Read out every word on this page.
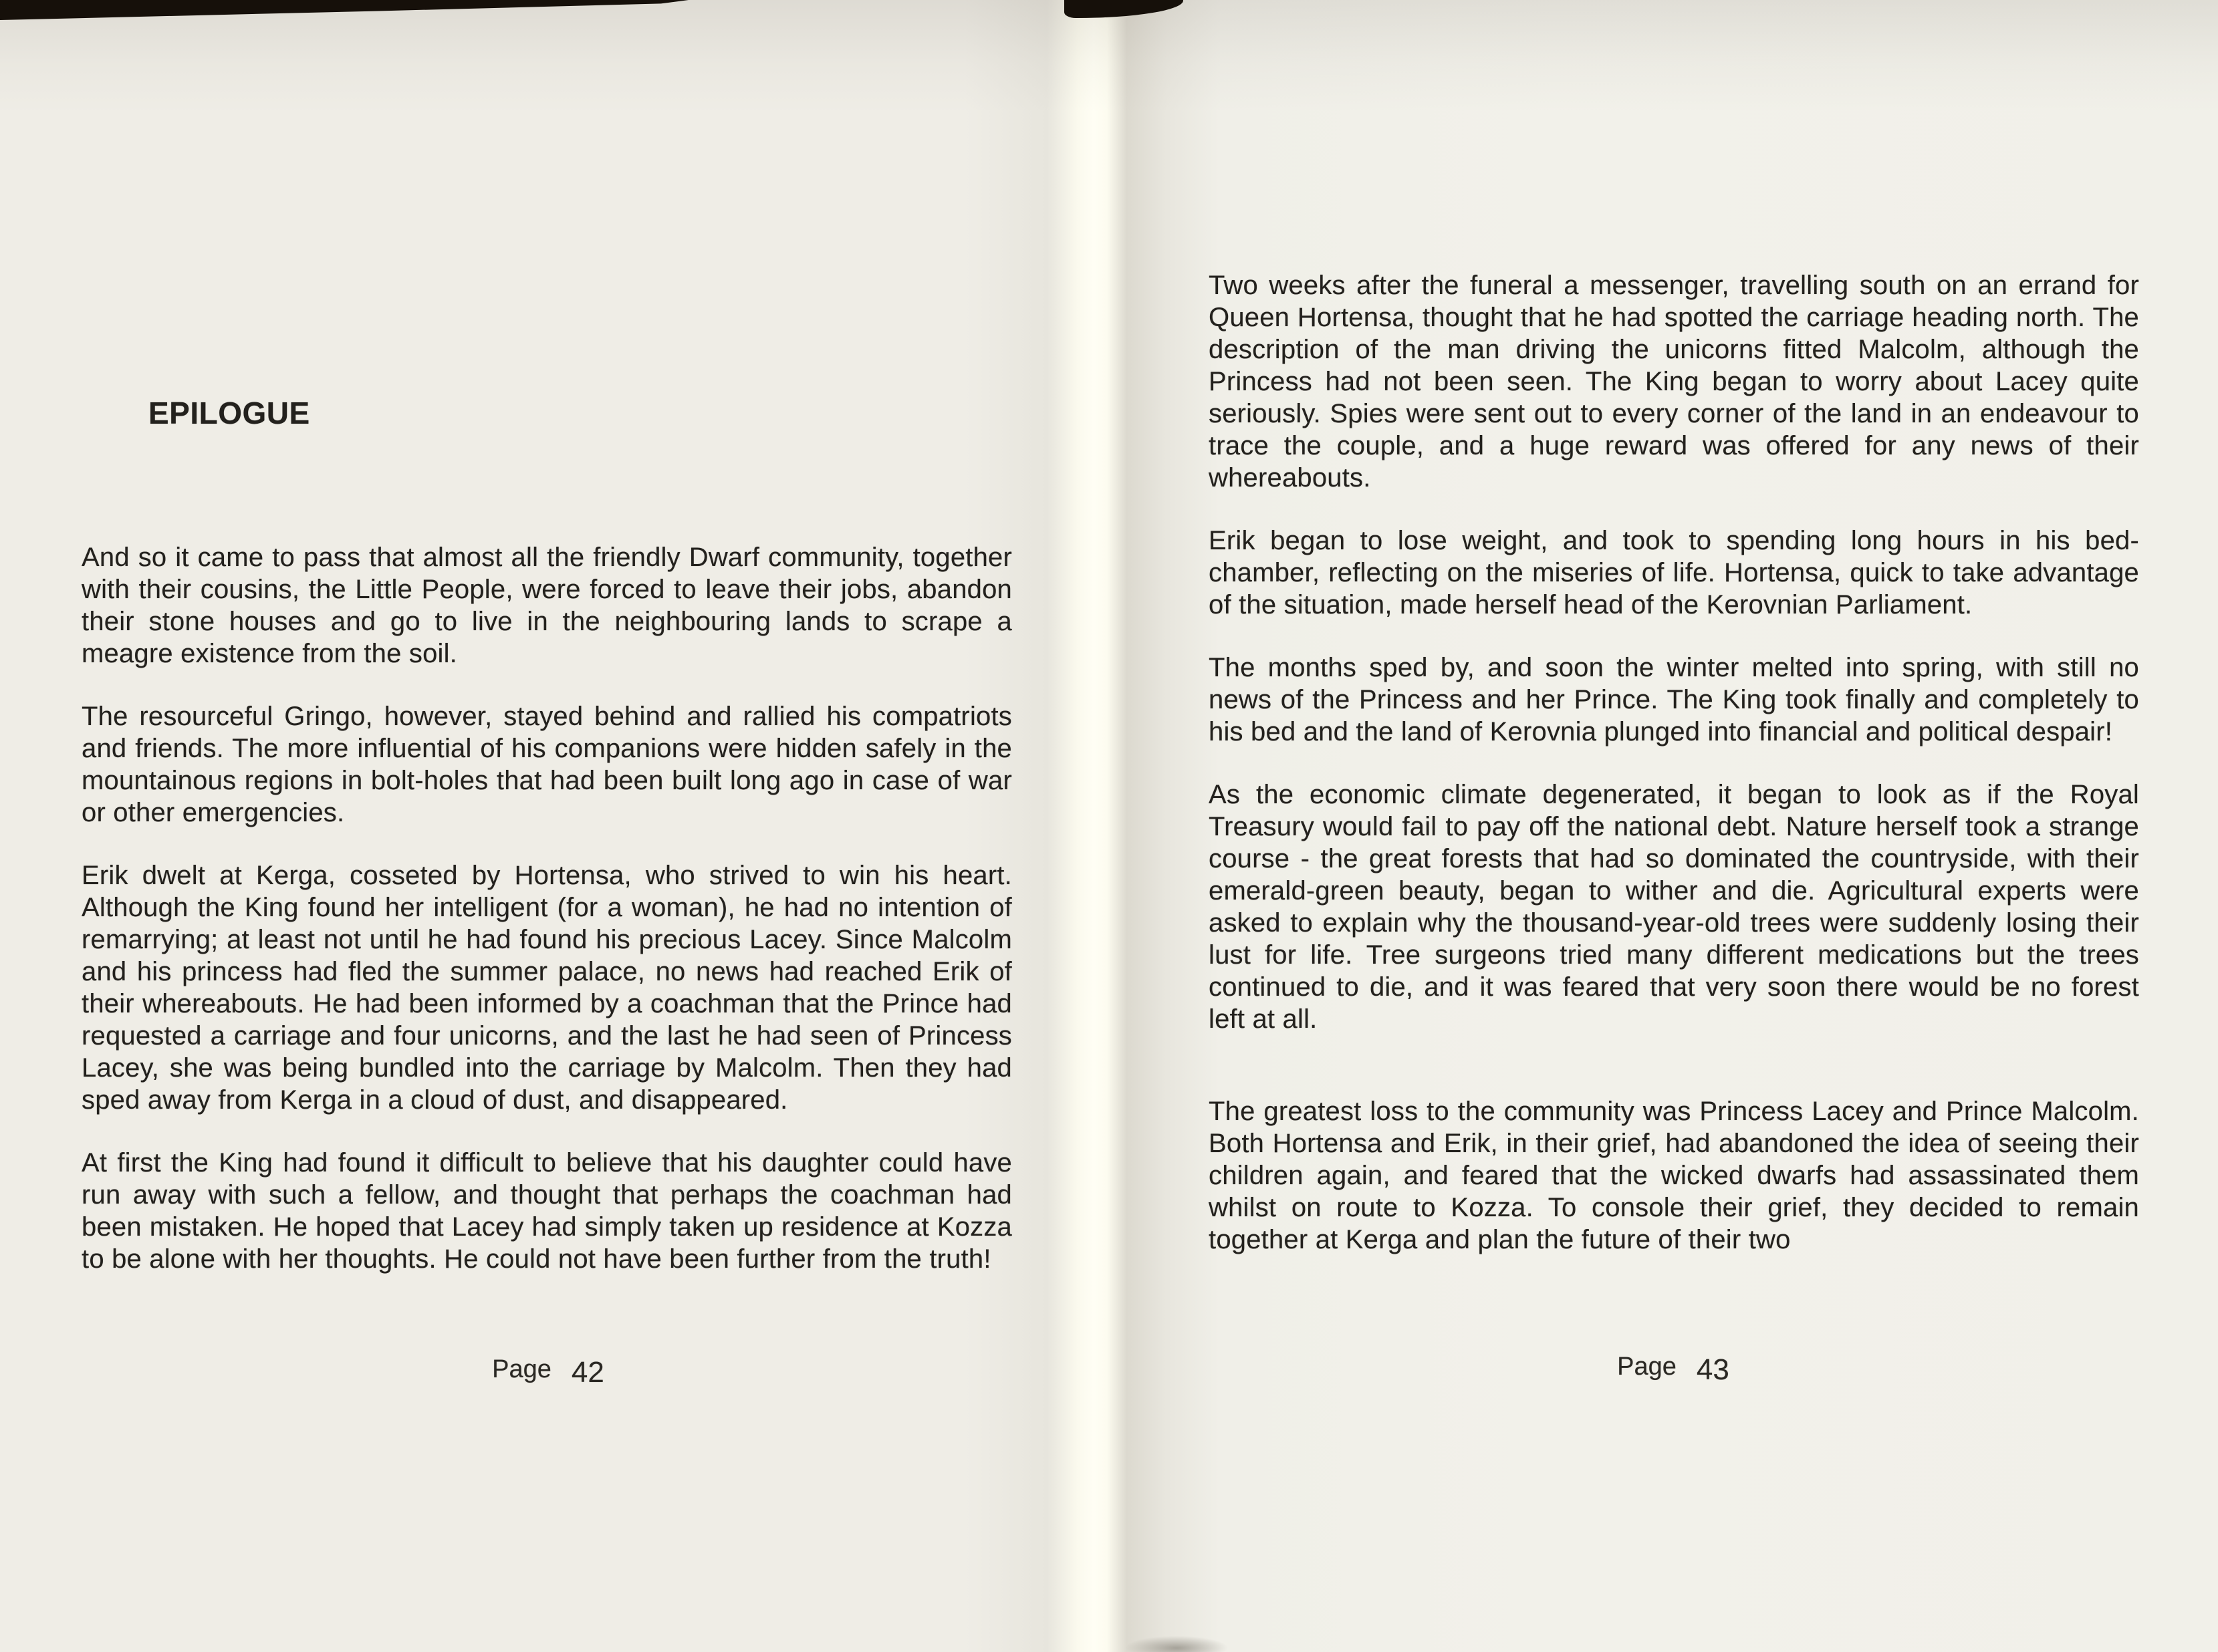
EPILOGUE

And so it came to pass that almost all the friendly Dwarf community, together with their cousins, the Little People, were forced to leave their jobs, abandon their stone houses and go to live in the neighbouring lands to scrape a meagre existence from the soil.

The resourceful Gringo, however, stayed behind and rallied his compatriots and friends. The more influential of his companions were hidden safely in the mountainous regions in bolt-holes that had been built long ago in case of war or other emergencies.

Erik dwelt at Kerga, cosseted by Hortensa, who strived to win his heart. Although the King found her intelligent (for a woman), he had no intention of remarrying; at least not until he had found his precious Lacey. Since Malcolm and his princess had fled the summer palace, no news had reached Erik of their whereabouts. He had been informed by a coachman that the Prince had requested a carriage and four unicorns, and the last he had seen of Princess Lacey, she was being bundled into the carriage by Malcolm. Then they had sped away from Kerga in a cloud of dust, and disappeared.

At first the King had found it difficult to believe that his daughter could have run away with such a fellow, and thought that perhaps the coachman had been mistaken. He hoped that Lacey had simply taken up residence at Kozza to be alone with her thoughts. He could not have been further from the truth!

Page 42

Two weeks after the funeral a messenger, travelling south on an errand for Queen Hortensa, thought that he had spotted the carriage heading north. The description of the man driving the unicorns fitted Malcolm, although the Princess had not been seen. The King began to worry about Lacey quite seriously. Spies were sent out to every corner of the land in an endeavour to trace the couple, and a huge reward was offered for any news of their whereabouts.

Erik began to lose weight, and took to spending long hours in his bed-chamber, reflecting on the miseries of life. Hortensa, quick to take advantage of the situation, made herself head of the Kerovnian Parliament.

The months sped by, and soon the winter melted into spring, with still no news of the Princess and her Prince. The King took finally and completely to his bed and the land of Kerovnia plunged into financial and political despair!

As the economic climate degenerated, it began to look as if the Royal Treasury would fail to pay off the national debt. Nature herself took a strange course - the great forests that had so dominated the countryside, with their emerald-green beauty, began to wither and die. Agricultural experts were asked to explain why the thousand-year-old trees were suddenly losing their lust for life. Tree surgeons tried many different medications but the trees continued to die, and it was feared that very soon there would be no forest left at all.

The greatest loss to the community was Princess Lacey and Prince Malcolm. Both Hortensa and Erik, in their grief, had abandoned the idea of seeing their children again, and feared that the wicked dwarfs had assassinated them whilst on route to Kozza. To console their grief, they decided to remain together at Kerga and plan the future of their two

Page 43
